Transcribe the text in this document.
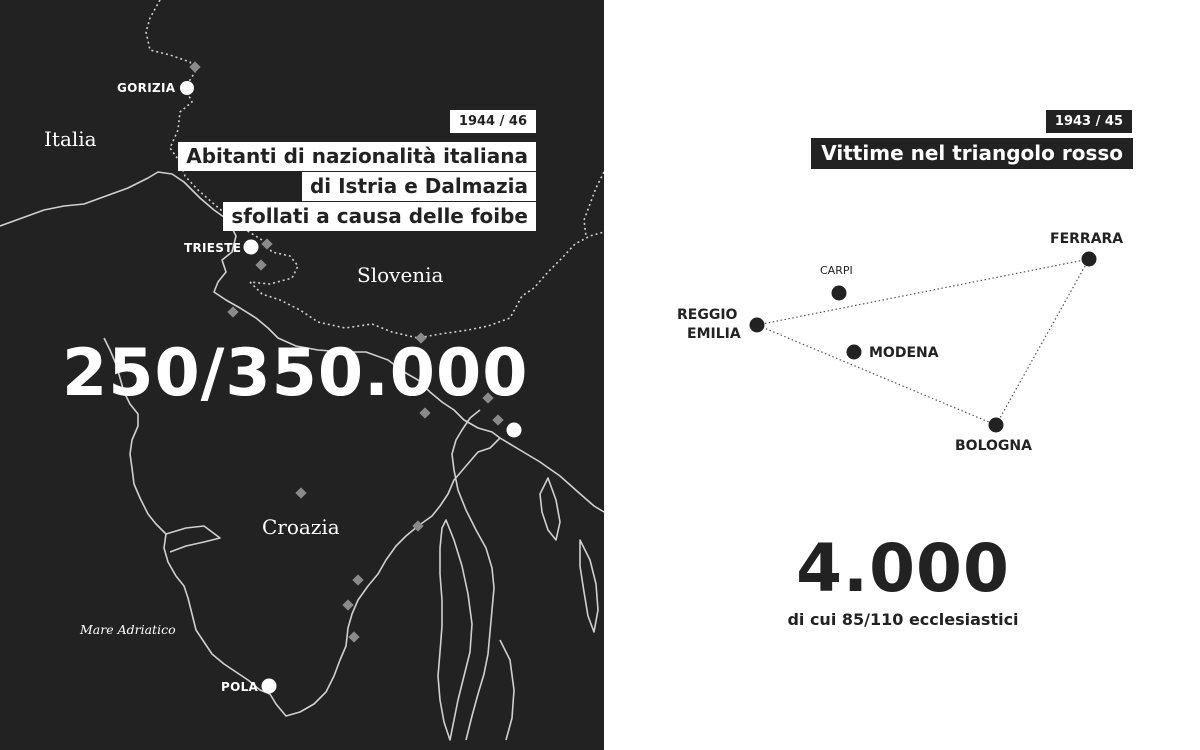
Italia
Slovenia
Croazia
Mare Adriatico
GORIZIA
TRIESTE
POLA
1944 / 46
Abitanti di nazionalità italiana
di Istria e Dalmazia
sfollati a causa delle foibe
250/350.000
1943 / 45
Vittime nel triangolo rosso
FERRARA
CARPI
REGGIO
EMILIA
MODENA
BOLOGNA
4.000
di cui 85/110 ecclesiastici
